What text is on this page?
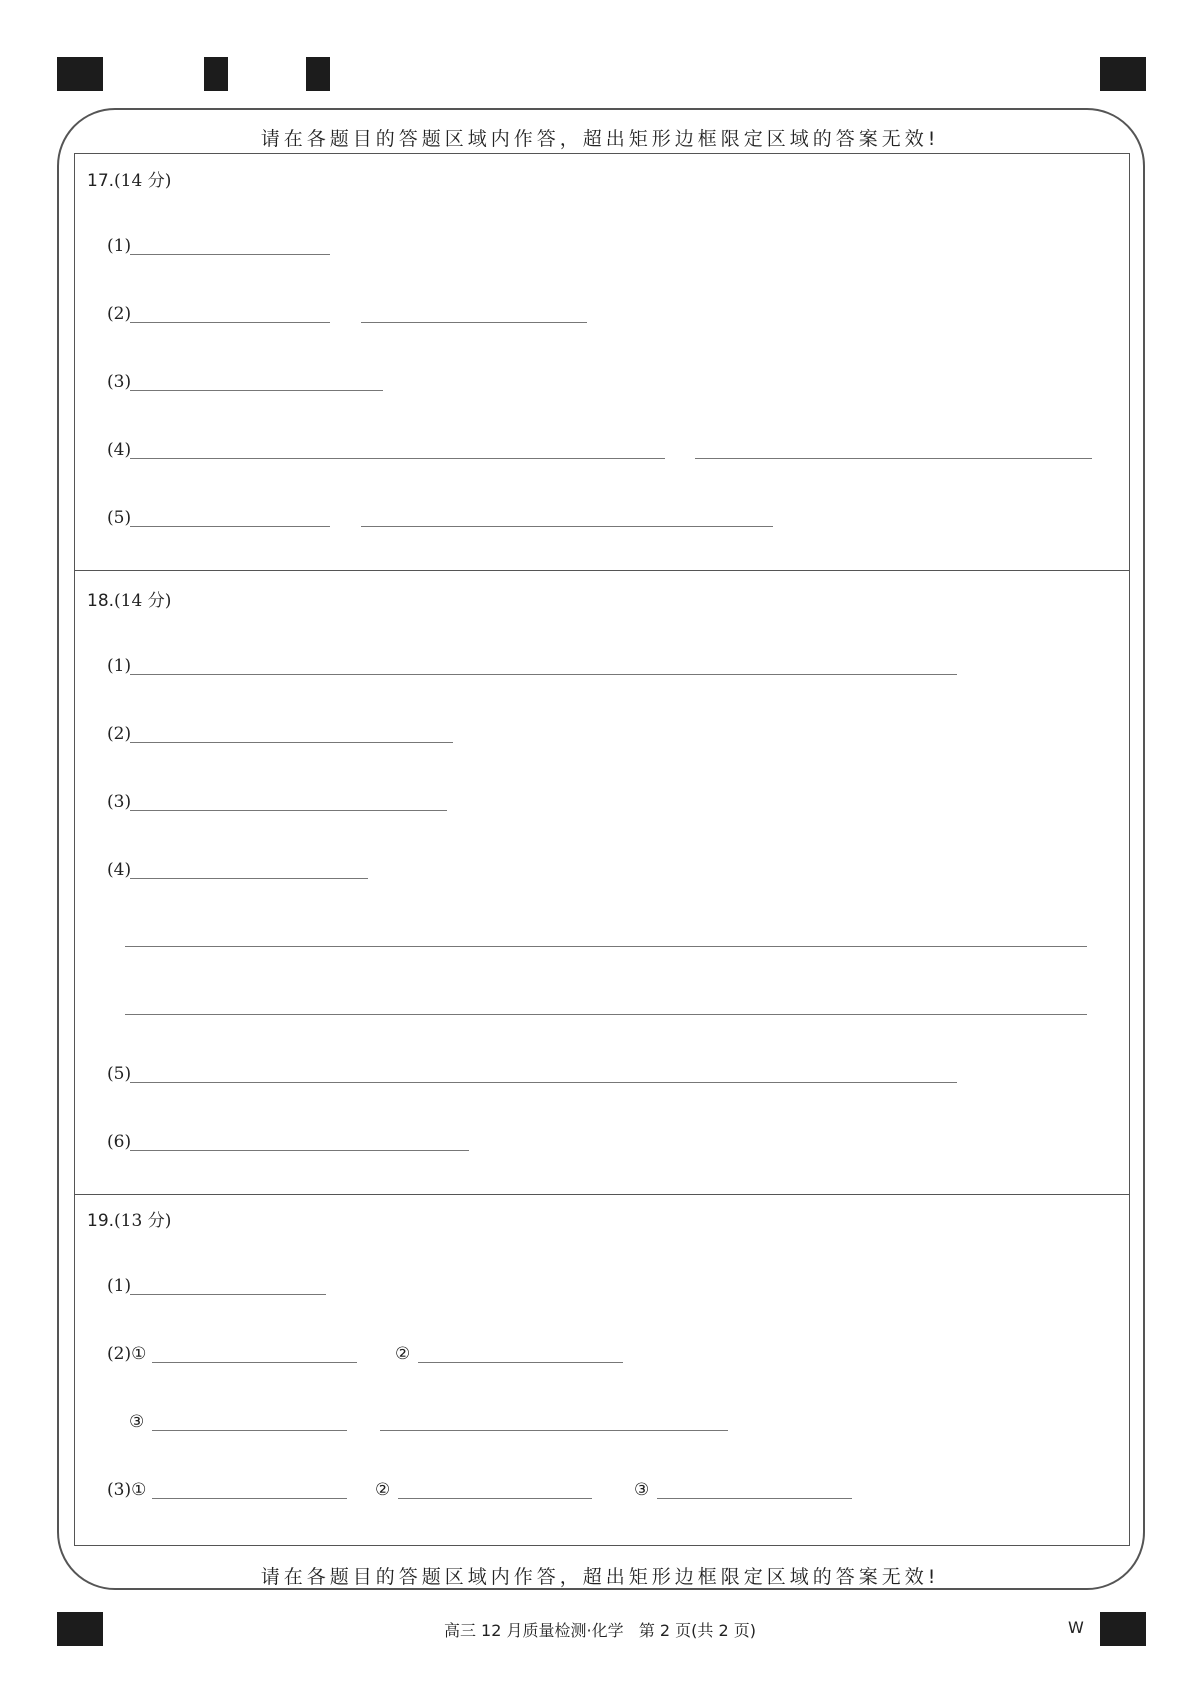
请在各题目的答题区域内作答，超出矩形边框限定区域的答案无效!
请在各题目的答题区域内作答，超出矩形边框限定区域的答案无效!
17.(14 分)
(1)
(2)
(3)
(4)
(5)
18.(14 分)
(1)
(2)
(3)
(4)
(5)
(6)
19.(13 分)
(1)
(2)①	②
③
(3)①	②	③
高三 12 月质量检测·化学   第 2 页(共 2 页)	W
